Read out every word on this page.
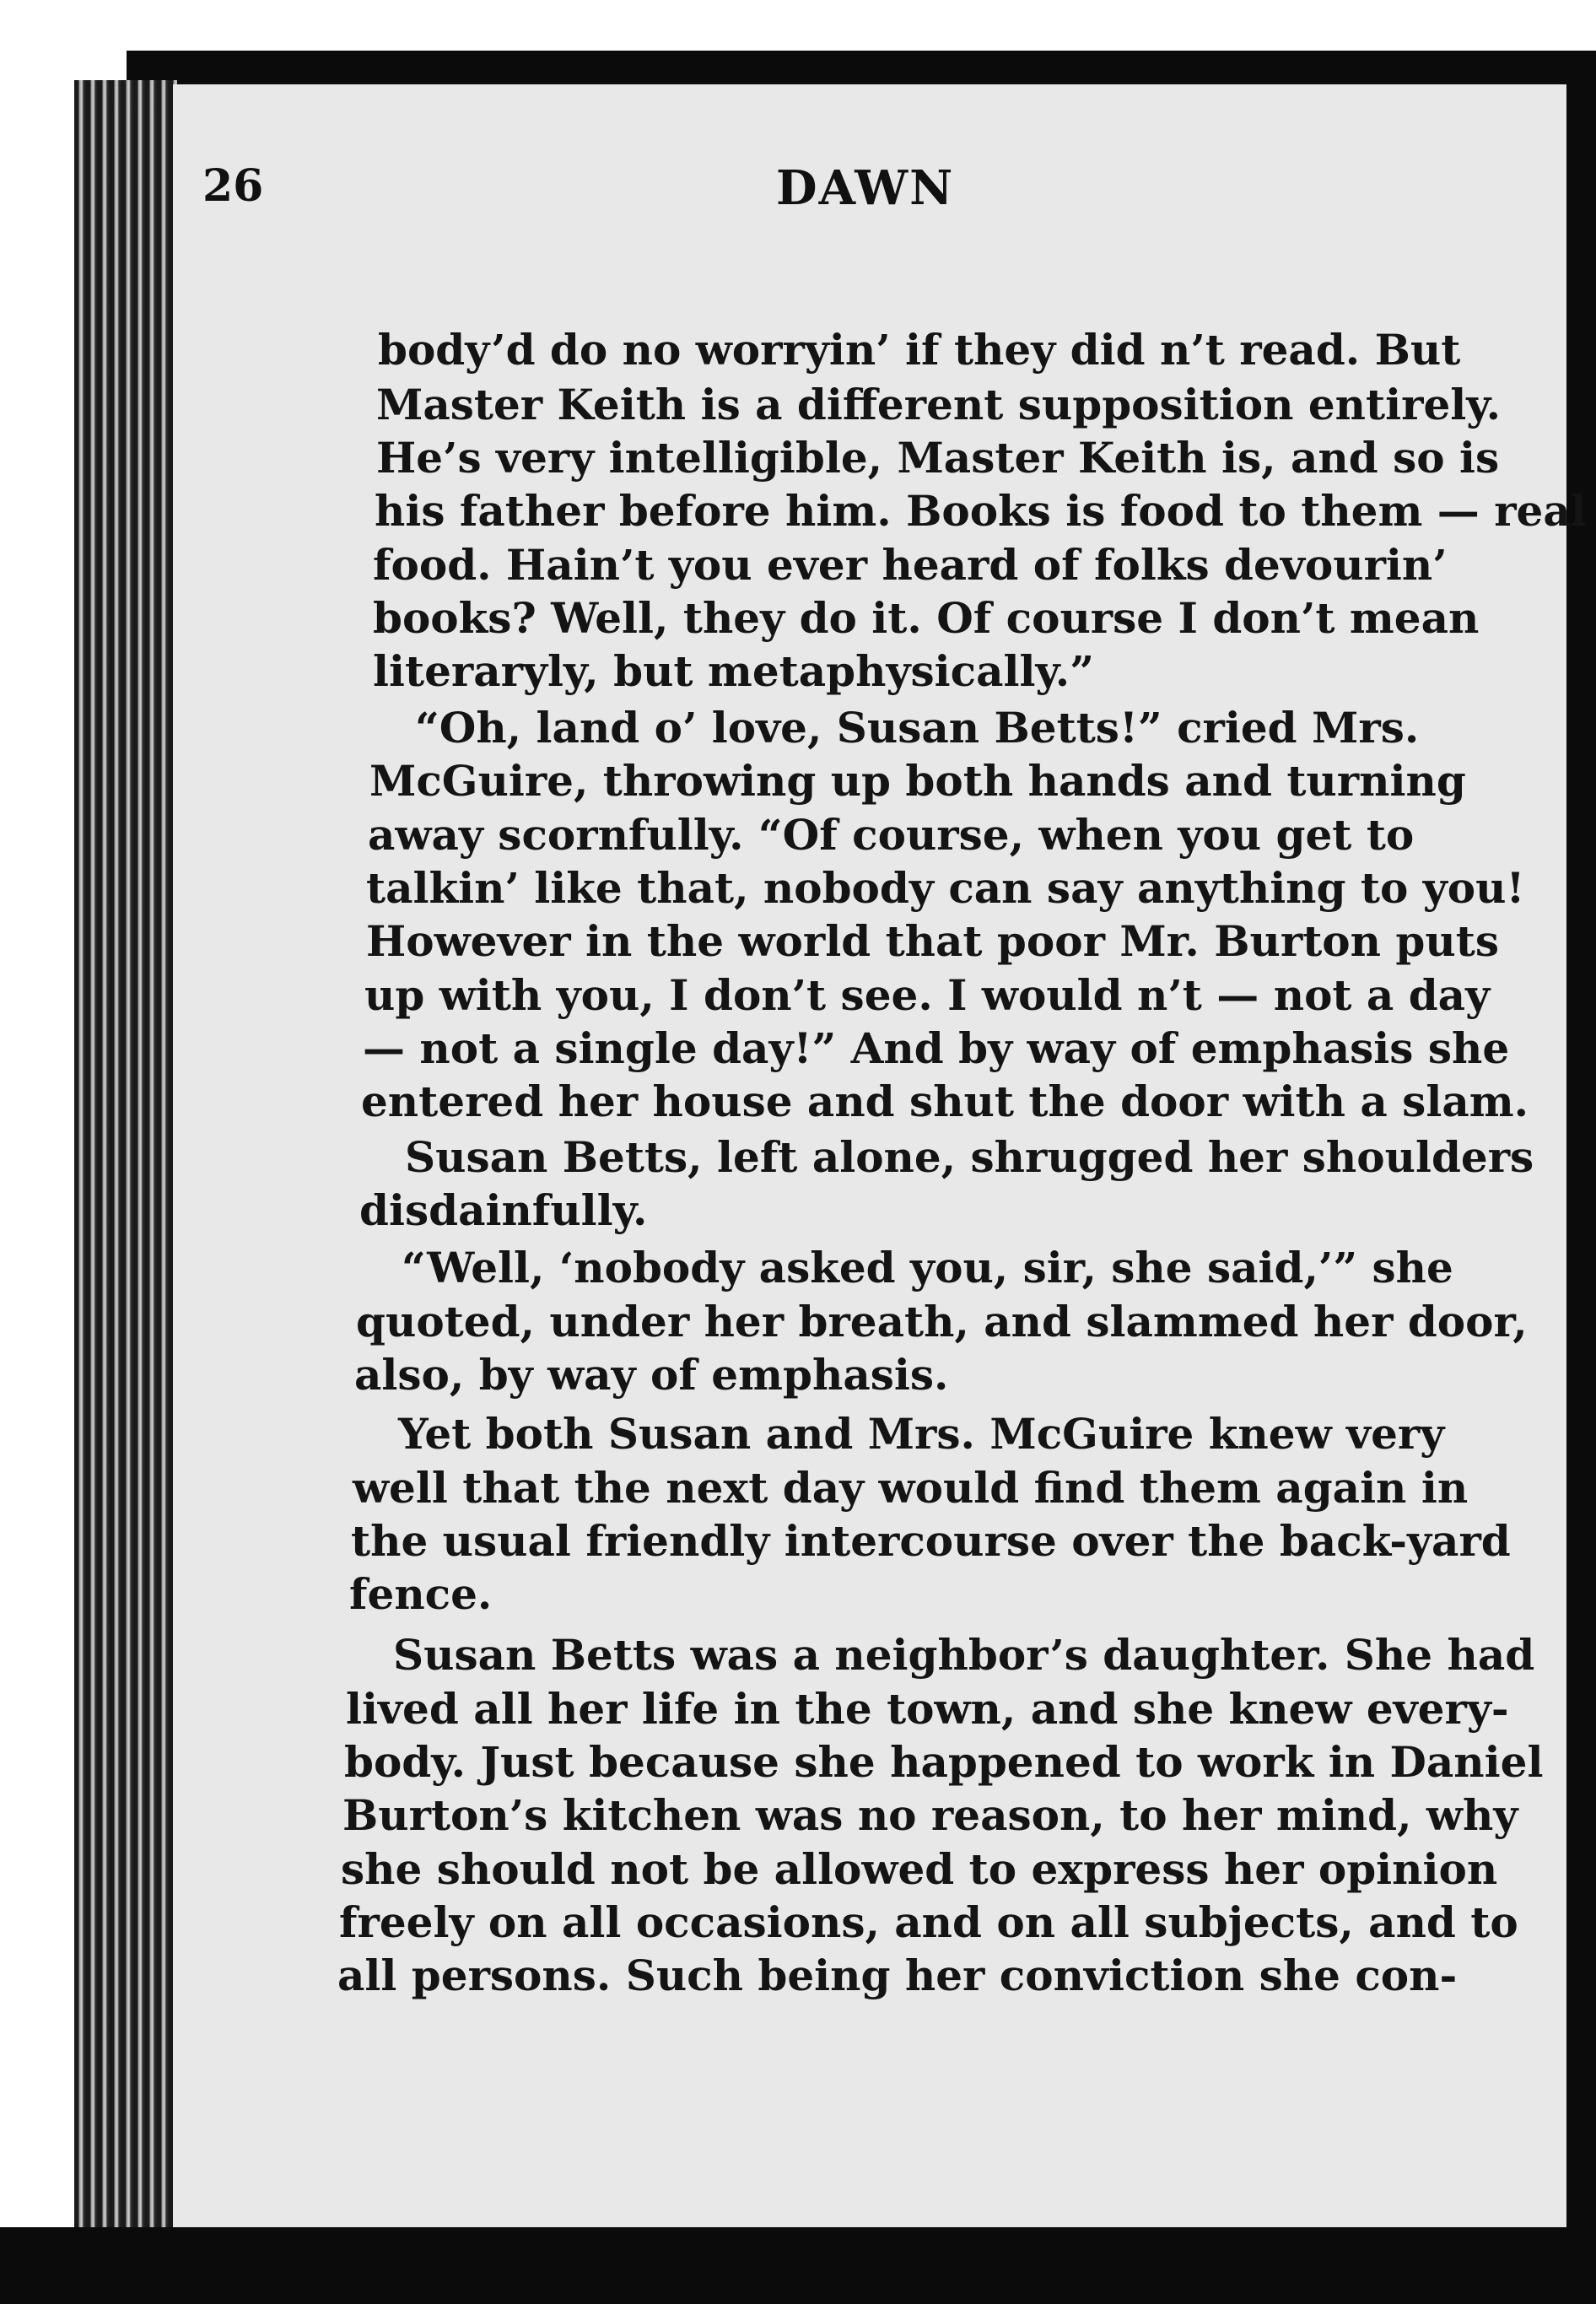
26	DAWN
body’d do no worryin’ if they did n’t read. But
Master Keith is a different supposition entirely.
He’s very intelligible, Master Keith is, and so is
his father before him. Books is food to them — real
food. Hain’t you ever heard of folks devourin’
books? Well, they do it. Of course I don’t mean
literaryly, but metaphysically.”
“Oh, land o’ love, Susan Betts!” cried Mrs.
McGuire, throwing up both hands and turning
away scornfully. “Of course, when you get to
talkin’ like that, nobody can say anything to you!
However in the world that poor Mr. Burton puts
up with you, I don’t see. I would n’t — not a day
— not a single day!” And by way of emphasis she
entered her house and shut the door with a slam.
Susan Betts, left alone, shrugged her shoulders
disdainfully.
“Well, ‘nobody asked you, sir, she said,’” she
quoted, under her breath, and slammed her door,
also, by way of emphasis.
Yet both Susan and Mrs. McGuire knew very
well that the next day would find them again in
the usual friendly intercourse over the back-yard
fence.
Susan Betts was a neighbor’s daughter. She had
lived all her life in the town, and she knew every-
body. Just because she happened to work in Daniel
Burton’s kitchen was no reason, to her mind, why
she should not be allowed to express her opinion
freely on all occasions, and on all subjects, and to
all persons. Such being her conviction she con-
